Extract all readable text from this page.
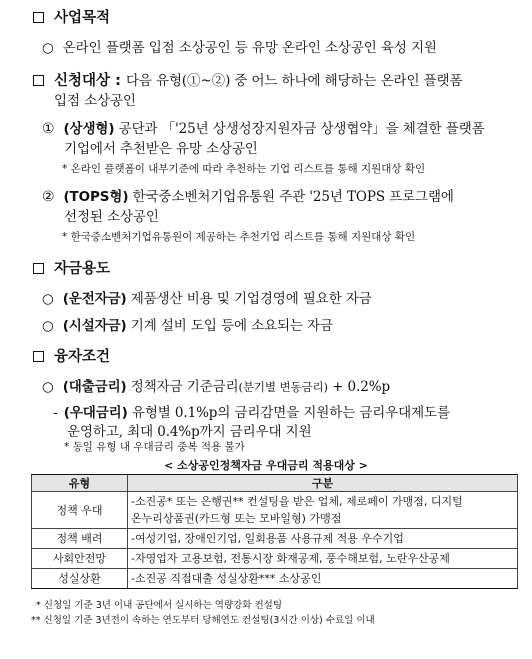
사업목적
○ 온라인 플랫폼 입점 소상공인 등 유망 온라인 소상공인 육성 지원
신청대상 : 다음 유형(①~②) 중 어느 하나에 해당하는 온라인 플랫폼
입점 소상공인
① (상생형) 공단과 「'25년 상생성장지원자금 상생협약」을 체결한 플랫폼
기업에서 추천받은 유망 소상공인
* 온라인 플랫폼이 내부기준에 따라 추천하는 기업 리스트를 통해 지원대상 확인
② (TOPS형) 한국중소벤처기업유통원 주관 '25년 TOPS 프로그램에
선정된 소상공인
* 한국중소벤처기업유통원이 제공하는 추천기업 리스트를 통해 지원대상 확인
자금용도
○ (운전자금) 제품생산 비용 및 기업경영에 필요한 자금
○ (시설자금) 기계 설비 도입 등에 소요되는 자금
융자조건
○ (대출금리) 정책자금 기준금리(분기별 변동금리) + 0.2%p
- (우대금리) 유형별 0.1%p의 금리감면을 지원하는 금리우대제도를
운영하고, 최대 0.4%p까지 금리우대 지원
* 동일 유형 내 우대금리 중복 적용 불가
유형	구분
정책 우대	-소진공* 또는 은행권** 컨설팅을 받은 업체, 제로페이 가맹점, 디지털
온누리상품권(카드형 또는 모바일형) 가맹점
정책 배려	-여성기업, 장애인기업, 일회용품 사용규제 적용 우수기업
사회안전망	-자영업자 고용보험, 전통시장 화재공제, 풍수해보험, 노란우산공제
성실상환	-소진공 직접대출 성실상환*** 소상공인
< 소상공인정책자금 우대금리 적용대상 >
* 신청일 기준 3년 이내 공단에서 실시하는 역량강화 컨설팅
** 신청일 기준 3년전이 속하는 연도부터 당해연도 컨설팅(3시간 이상) 수료일 이내
